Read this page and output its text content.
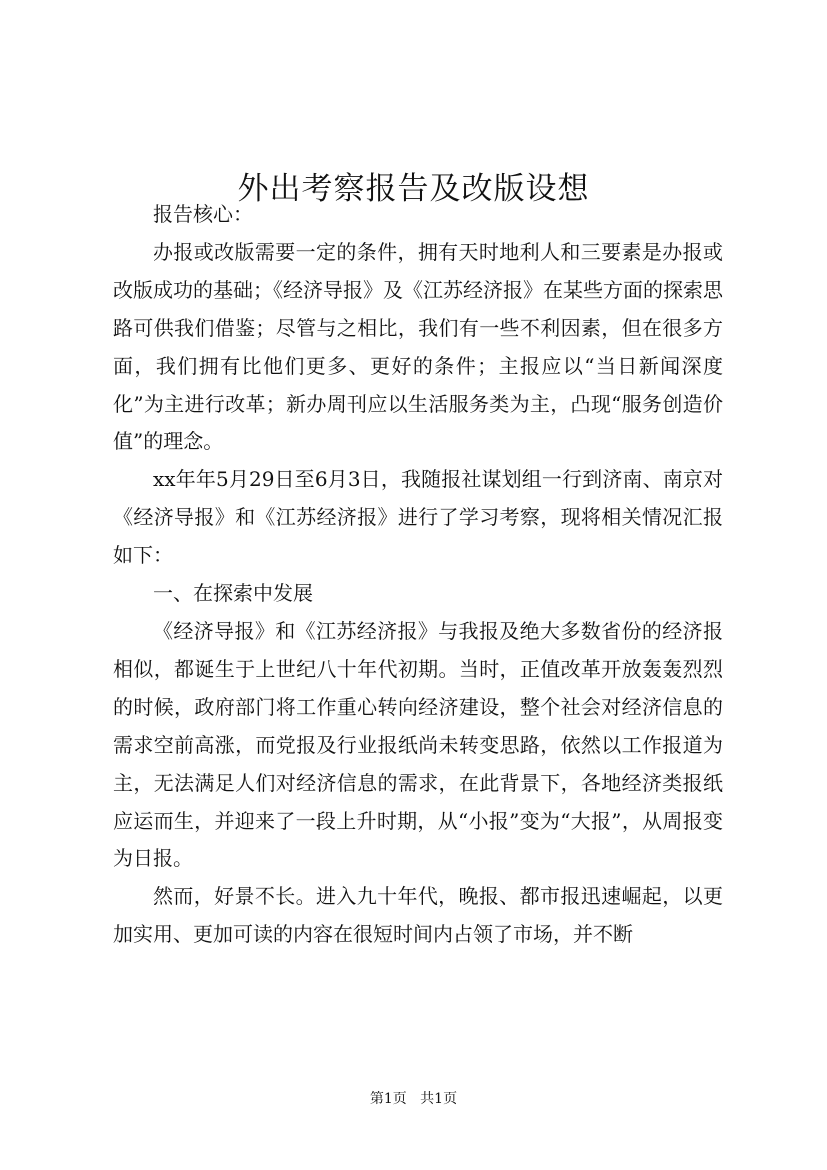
外出考察报告及改版设想

报告核心：

办报或改版需要一定的条件，拥有天时地利人和三要素是办报或改版成功的基础；《经济导报》及《江苏经济报》在某些方面的探索思路可供我们借鉴；尽管与之相比，我们有一些不利因素，但在很多方面，我们拥有比他们更多、更好的条件；主报应以“当日新闻深度化”为主进行改革；新办周刊应以生活服务类为主，凸现“服务创造价值”的理念。

xx年年5月29日至6月3日，我随报社谋划组一行到济南、南京对《经济导报》和《江苏经济报》进行了学习考察，现将相关情况汇报如下：

一、在探索中发展

《经济导报》和《江苏经济报》与我报及绝大多数省份的经济报相似，都诞生于上世纪八十年代初期。当时，正值改革开放轰轰烈烈的时候，政府部门将工作重心转向经济建设，整个社会对经济信息的需求空前高涨，而党报及行业报纸尚未转变思路，依然以工作报道为主，无法满足人们对经济信息的需求，在此背景下，各地经济类报纸应运而生，并迎来了一段上升时期，从“小报”变为“大报”，从周报变为日报。

然而，好景不长。进入九十年代，晚报、都市报迅速崛起，以更加实用、更加可读的内容在很短时间内占领了市场，并不断

第1页 共1页
